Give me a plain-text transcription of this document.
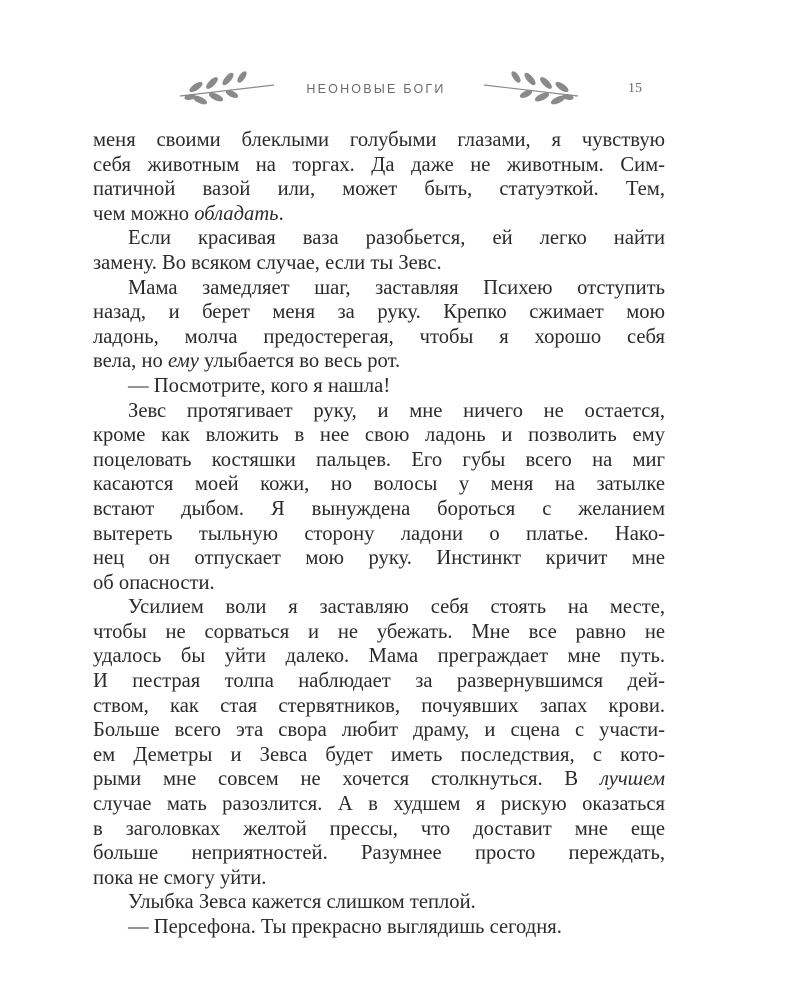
НЕОНОВЫЕ БОГИ	15
меня своими блеклыми голубыми глазами, я чувствую
себя животным на торгах. Да даже не животным. Сим-
патичной вазой или, может быть, статуэткой. Тем,
чем можно обладать.
Если красивая ваза разобьется, ей легко найти
замену. Во всяком случае, если ты Зевс.
Мама замедляет шаг, заставляя Психею отступить
назад, и берет меня за руку. Крепко сжимает мою
ладонь, молча предостерегая, чтобы я хорошо себя
вела, но ему улыбается во весь рот.
— Посмотрите, кого я нашла!
Зевс протягивает руку, и мне ничего не остается,
кроме как вложить в нее свою ладонь и позволить ему
поцеловать костяшки пальцев. Его губы всего на миг
касаются моей кожи, но волосы у меня на затылке
встают дыбом. Я вынуждена бороться с желанием
вытереть тыльную сторону ладони о платье. Нако-
нец он отпускает мою руку. Инстинкт кричит мне
об опасности.
Усилием воли я заставляю себя стоять на месте,
чтобы не сорваться и не убежать. Мне все равно не
удалось бы уйти далеко. Мама преграждает мне путь.
И пестрая толпа наблюдает за развернувшимся дей-
ством, как стая стервятников, почуявших запах крови.
Больше всего эта свора любит драму, и сцена с участи-
ем Деметры и Зевса будет иметь последствия, с кото-
рыми мне совсем не хочется столкнуться. В лучшем
случае мать разозлится. А в худшем я рискую оказаться
в заголовках желтой прессы, что доставит мне еще
больше неприятностей. Разумнее просто переждать,
пока не смогу уйти.
Улыбка Зевса кажется слишком теплой.
— Персефона. Ты прекрасно выглядишь сегодня.
